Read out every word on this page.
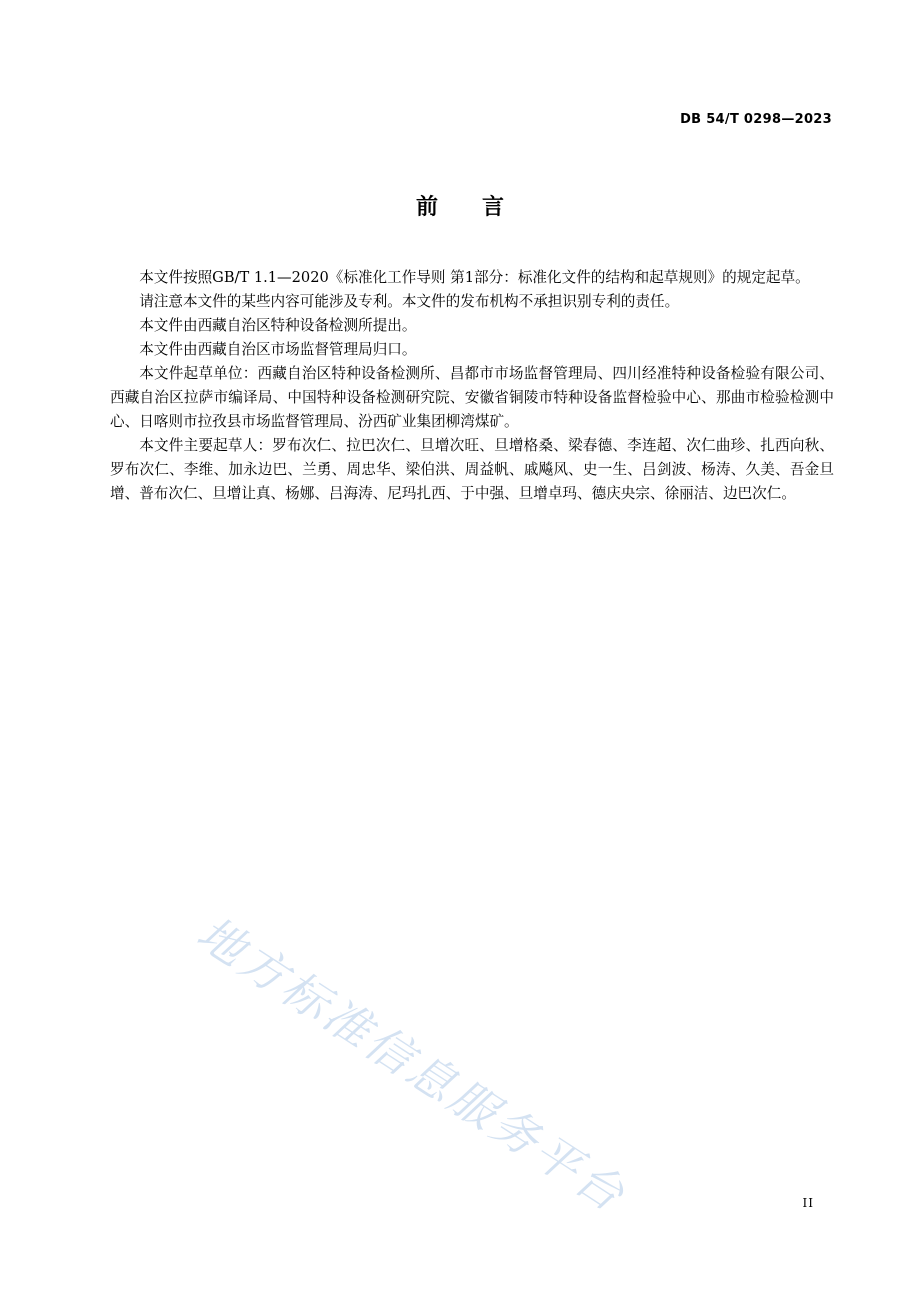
DB 54/T 0298—2023
前言

本文件按照GB/T 1.1—2020《标准化工作导则 第1部分：标准化文件的结构和起草规则》的规定起草。

请注意本文件的某些内容可能涉及专利。本文件的发布机构不承担识别专利的责任。

本文件由西藏自治区特种设备检测所提出。

本文件由西藏自治区市场监督管理局归口。

本文件起草单位：西藏自治区特种设备检测所、昌都市市场监督管理局、四川经准特种设备检验有限公司、西藏自治区拉萨市编译局、中国特种设备检测研究院、安徽省铜陵市特种设备监督检验中心、那曲市检验检测中心、日喀则市拉孜县市场监督管理局、汾西矿业集团柳湾煤矿。

本文件主要起草人：罗布次仁、拉巴次仁、旦增次旺、旦增格桑、梁春德、李连超、次仁曲珍、扎西向秋、罗布次仁、李维、加永边巴、兰勇、周忠华、梁伯洪、周益帆、戚飚风、史一生、吕剑波、杨涛、久美、吾金旦增、普布次仁、旦增让真、杨娜、吕海涛、尼玛扎西、于中强、旦增卓玛、德庆央宗、徐丽洁、边巴次仁。

地方标准信息服务平台	II
